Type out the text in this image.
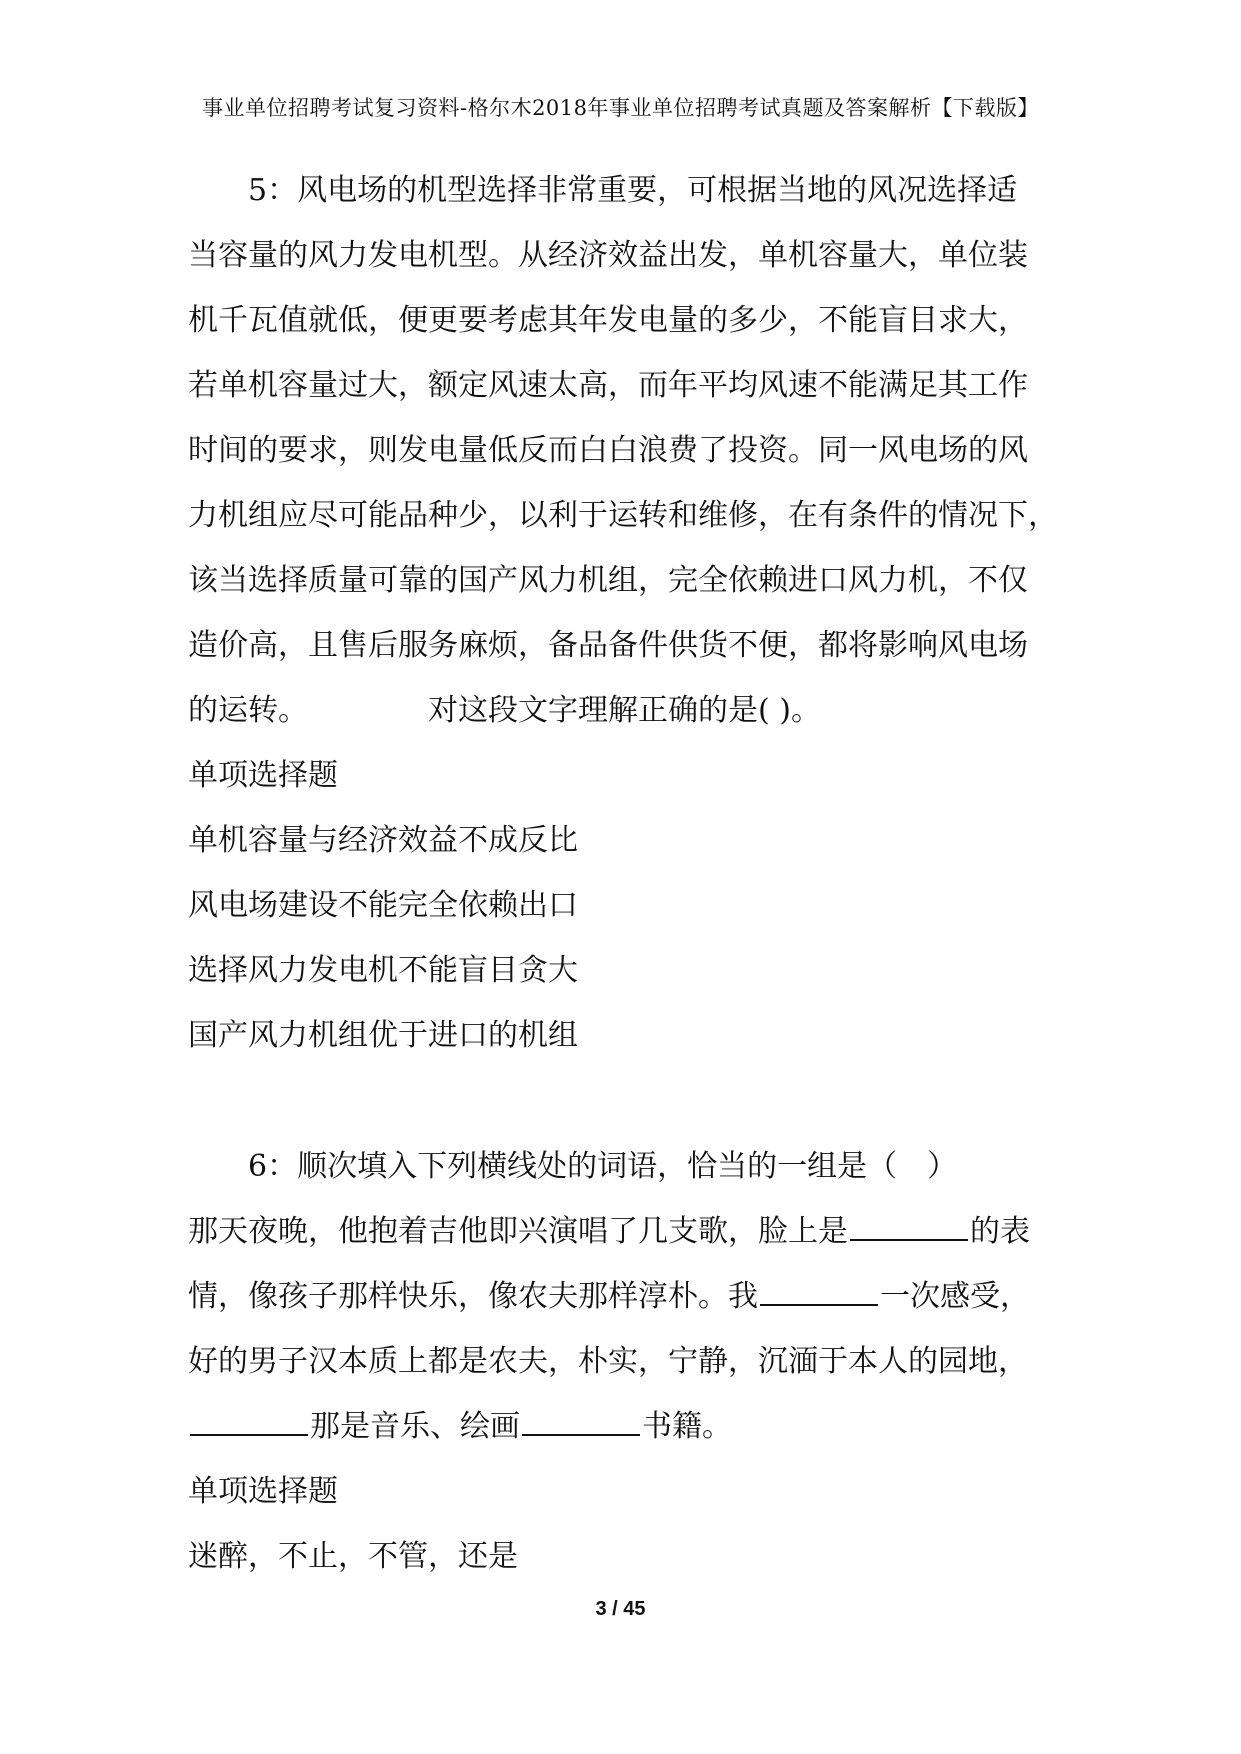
事业单位招聘考试复习资料-格尔木2018年事业单位招聘考试真题及答案解析【下载版】
5：风电场的机型选择非常重要，可根据当地的风况选择适
当容量的风力发电机型。从经济效益出发，单机容量大，单位装
机千瓦值就低，便更要考虑其年发电量的多少，不能盲目求大，
若单机容量过大，额定风速太高，而年平均风速不能满足其工作
时间的要求，则发电量低反而白白浪费了投资。同一风电场的风
力机组应尽可能品种少，以利于运转和维修，在有条件的情况下，
该当选择质量可靠的国产风力机组，完全依赖进口风力机，不仅
造价高，且售后服务麻烦，备品备件供货不便，都将影响风电场
的运转。	对这段文字理解正确的是( )。
单项选择题
单机容量与经济效益不成反比
风电场建设不能完全依赖出口
选择风力发电机不能盲目贪大
国产风力机组优于进口的机组
6：顺次填入下列横线处的词语，恰当的一组是（　）
那天夜晚，他抱着吉他即兴演唱了几支歌，脸上是	的表
情，像孩子那样快乐，像农夫那样淳朴。我	一次感受，
好的男子汉本质上都是农夫，朴实，宁静，沉湎于本人的园地，
那是音乐、绘画	书籍。
单项选择题
迷醉，不止，不管，还是
3 / 45
